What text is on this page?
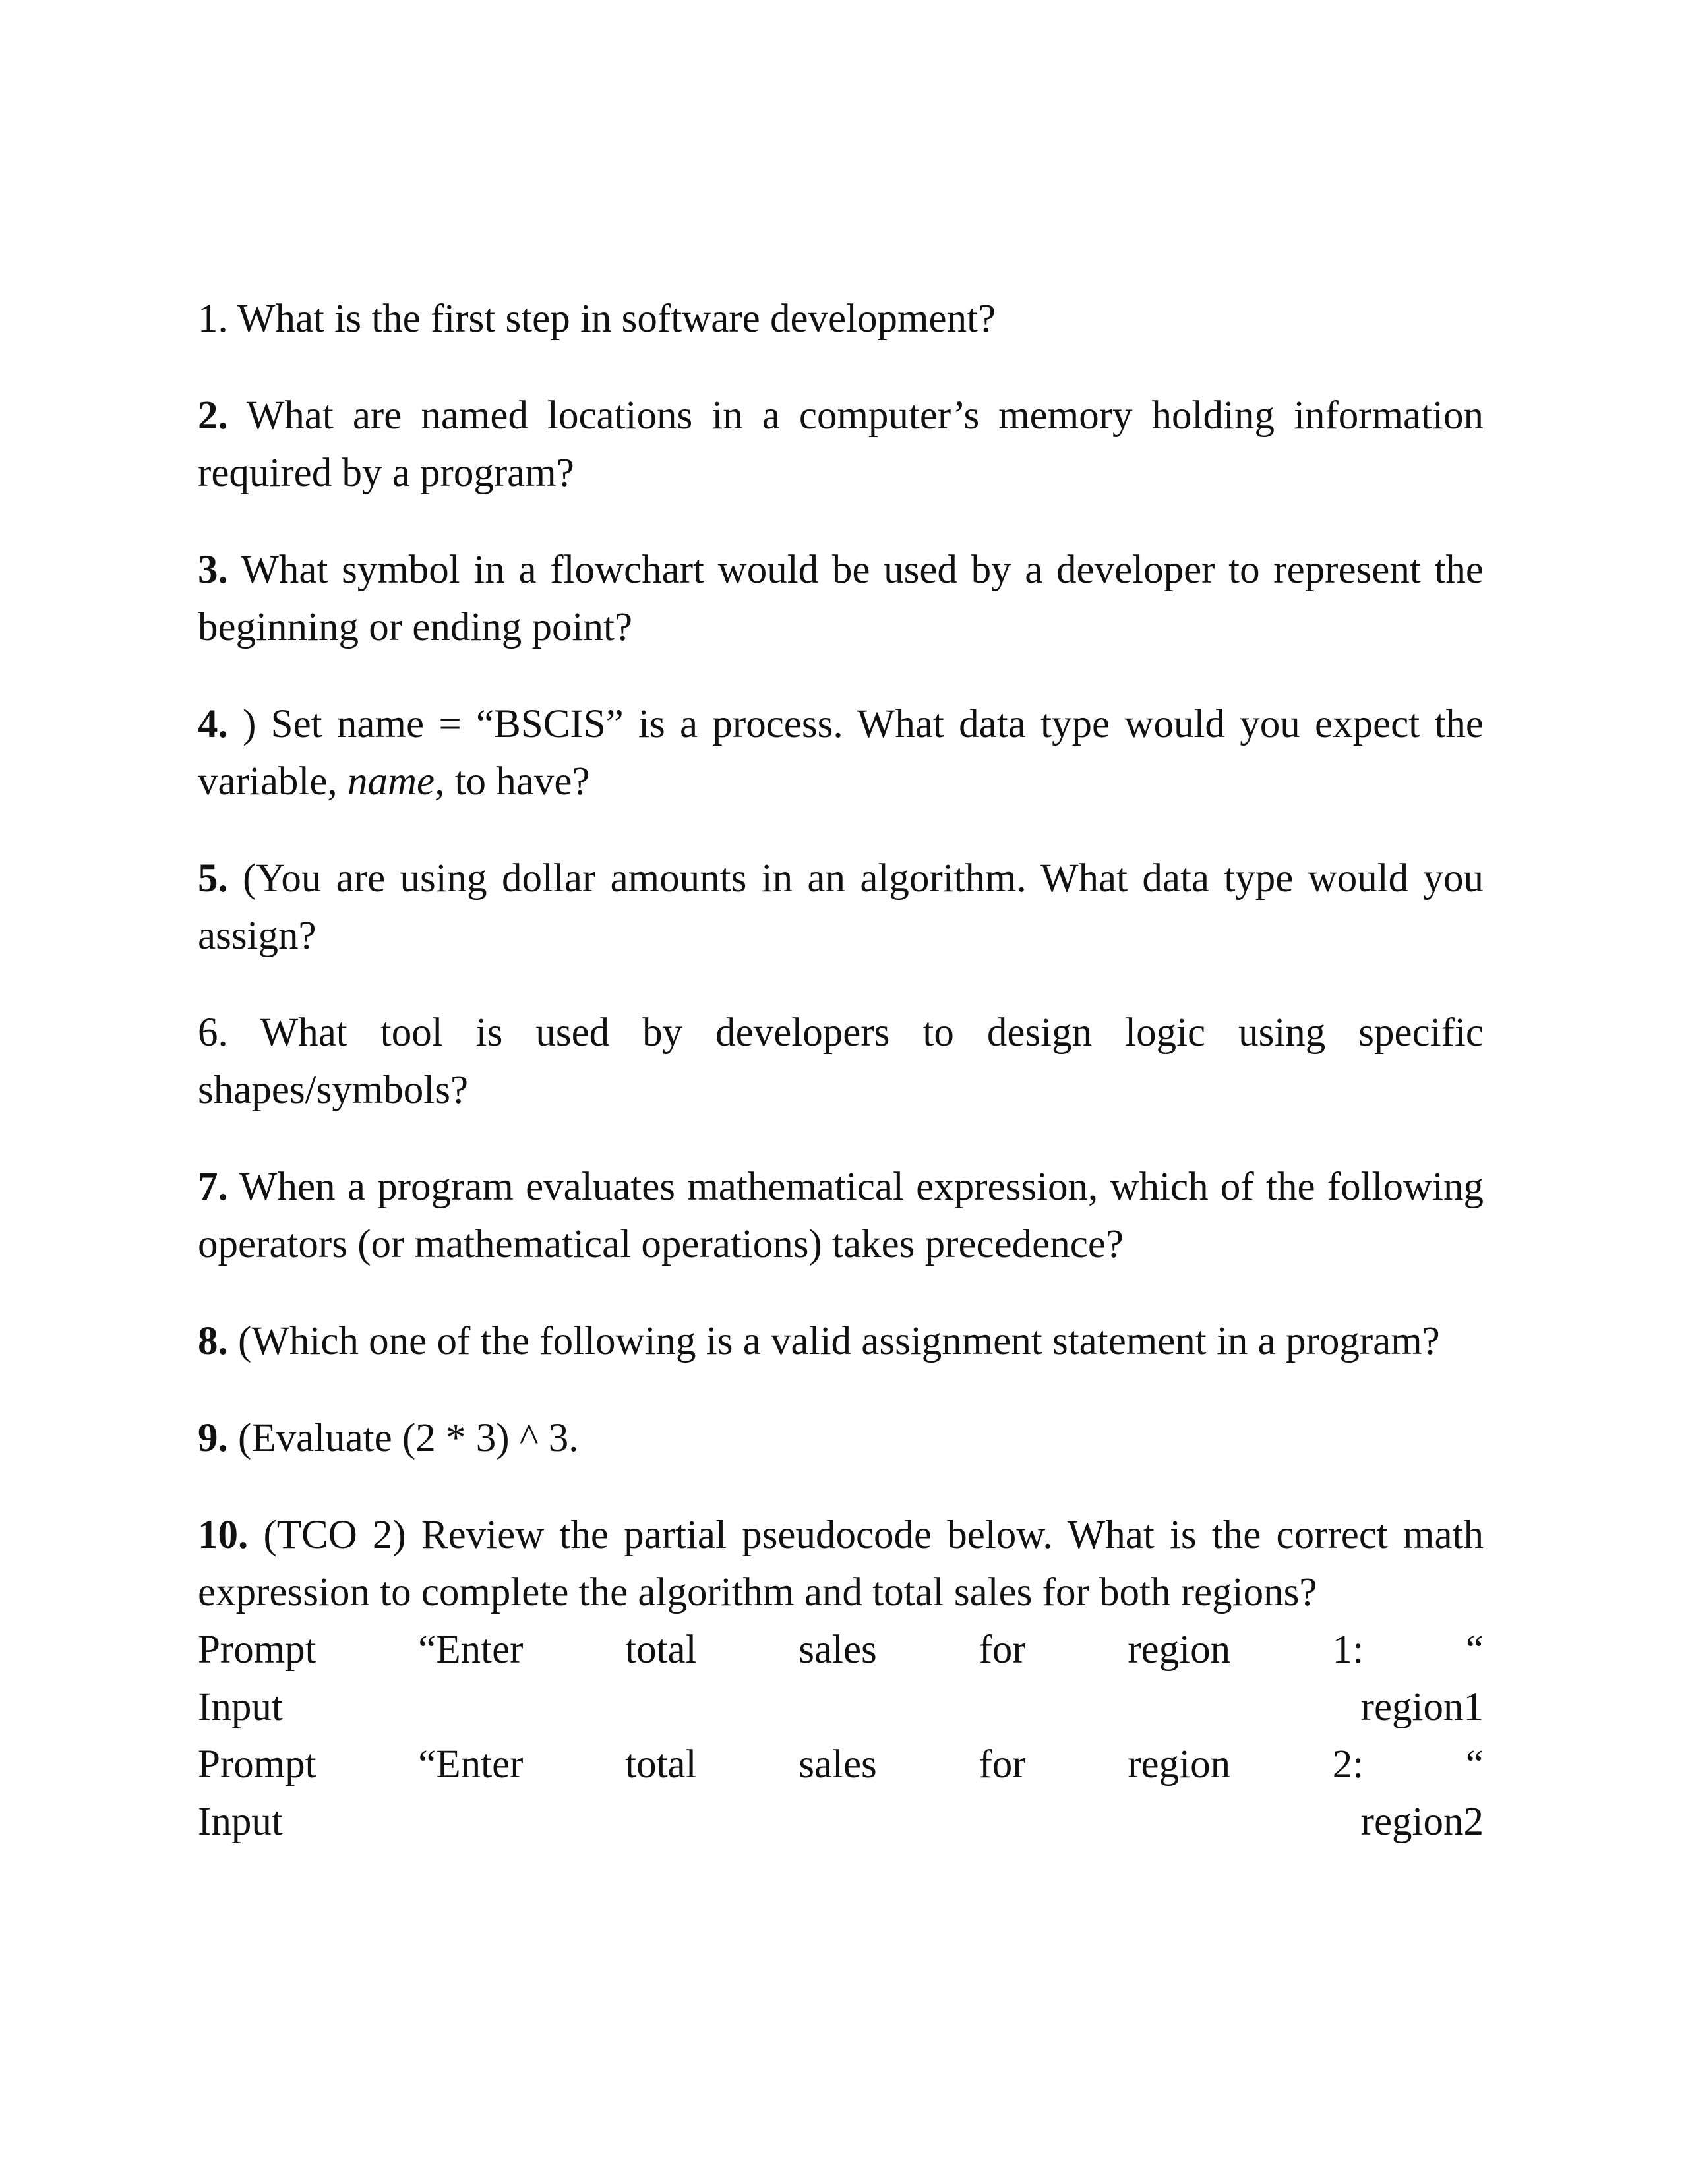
1. What is the first step in software development?

2. What are named locations in a computer’s memory holding information required by a program?

3. What symbol in a flowchart would be used by a developer to represent the beginning or ending point?

4. ) Set name = “BSCIS” is a process. What data type would you expect the variable, name, to have?

5. (You are using dollar amounts in an algorithm. What data type would you assign?

6. What tool is used by developers to design logic using specific shapes/symbols?

7. When a program evaluates mathematical expression, which of the following operators (or mathematical operations) takes precedence?

8. (Which one of the following is a valid assignment statement in a program?

9. (Evaluate (2 * 3) ^ 3.

10. (TCO 2) Review the partial pseudocode below. What is the correct math expression to complete the algorithm and total sales for both regions?

Prompt	“Enter	total	sales	for	region	1:	“
Input	region1
Prompt	“Enter	total	sales	for	region	2:	“
Input	region2
